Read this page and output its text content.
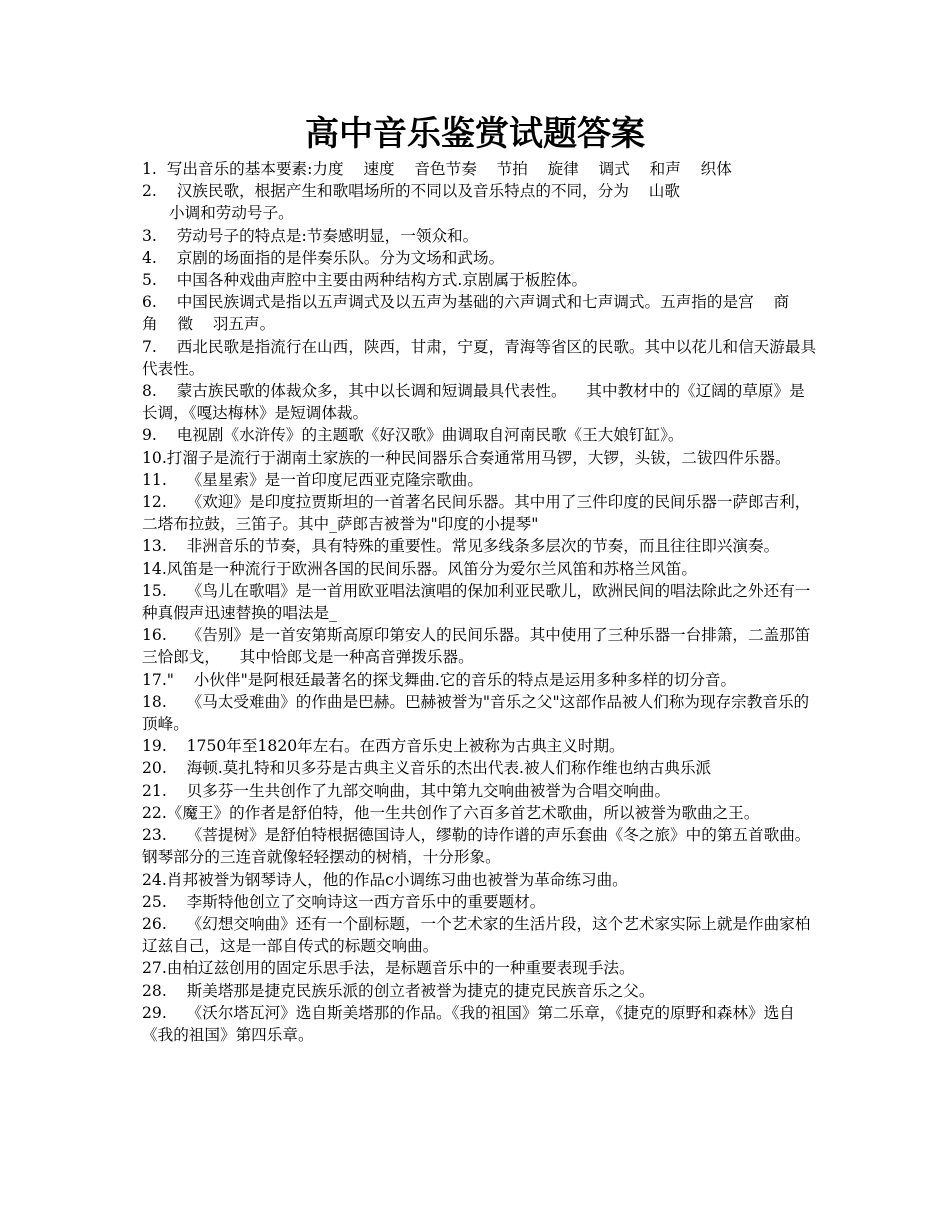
高中音乐鉴赏试题答案

1.  写出音乐的基本要素:力度    速度    音色节奏    节拍    旋律    调式    和声    织体

2.    汉族民歌，根据产生和歌唱场所的不同以及音乐特点的不同，分为    山歌

小调和劳动号子。

3.    劳动号子的特点是:节奏感明显，一领众和。

4.    京剧的场面指的是伴奏乐队。分为文场和武场。

5.    中国各种戏曲声腔中主要由两种结构方式.京剧属于板腔体。

6.    中国民族调式是指以五声调式及以五声为基础的六声调式和七声调式。五声指的是宫    商    角    徵    羽五声。

7.    西北民歌是指流行在山西，陕西，甘肃，宁夏，青海等省区的民歌。其中以花儿和信天游最具代表性。

8.    蒙古族民歌的体裁众多，其中以长调和短调最具代表性。    其中教材中的《辽阔的草原》是长调，《嘎达梅林》是短调体裁。

9.    电视剧《水浒传》的主题歌《好汉歌》曲调取自河南民歌《王大娘钉缸》。

10.打溜子是流行于湖南土家族的一种民间器乐合奏通常用马锣，大锣，头钹，二钹四件乐器。

11.    《星星索》是一首印度尼西亚克隆宗歌曲。

12.    《欢迎》是印度拉贾斯坦的一首著名民间乐器。其中用了三件印度的民间乐器一萨郎吉利，二塔布拉鼓，三笛子。其中_萨郎吉被誉为"印度的小提琴"

13.    非洲音乐的节奏，具有特殊的重要性。常见多线条多层次的节奏，而且往往即兴演奏。

14.风笛是一种流行于欧洲各国的民间乐器。风笛分为爱尔兰风笛和苏格兰风笛。

15.    《鸟儿在歌唱》是一首用欧亚唱法演唱的保加利亚民歌儿，欧洲民间的唱法除此之外还有一种真假声迅速替换的唱法是_

16.    《告别》是一首安第斯高原印第安人的民间乐器。其中使用了三种乐器一台排箫，二盖那笛三恰郎戈，    其中恰郎戈是一种高音弹拨乐器。

17."    小伙伴"是阿根廷最著名的探戈舞曲.它的音乐的特点是运用多种多样的切分音。

18.    《马太受难曲》的作曲是巴赫。巴赫被誉为"音乐之父"这部作品被人们称为现存宗教音乐的顶峰。

19.    1750年至1820年左右。在西方音乐史上被称为古典主义时期。

20.    海顿.莫扎特和贝多芬是古典主义音乐的杰出代表.被人们称作维也纳古典乐派

21.    贝多芬一生共创作了九部交响曲，其中第九交响曲被誉为合唱交响曲。

22.《魔王》的作者是舒伯特，他一生共创作了六百多首艺术歌曲，所以被誉为歌曲之王。

23.    《菩提树》是舒伯特根据德国诗人，缪勒的诗作谱的声乐套曲《冬之旅》中的第五首歌曲。    钢琴部分的三连音就像轻轻摆动的树梢，十分形象。

24.肖邦被誉为钢琴诗人，他的作品c小调练习曲也被誉为革命练习曲。

25.    李斯特他创立了交响诗这一西方音乐中的重要题材。

26.    《幻想交响曲》还有一个副标题，一个艺术家的生活片段，这个艺术家实际上就是作曲家柏辽兹自己，这是一部自传式的标题交响曲。

27.由柏辽兹创用的固定乐思手法，是标题音乐中的一种重要表现手法。

28.    斯美塔那是捷克民族乐派的创立者被誉为捷克的捷克民族音乐之父。

29.    《沃尔塔瓦河》选自斯美塔那的作品。《我的祖国》第二乐章，《捷克的原野和森林》选自《我的祖国》第四乐章。
